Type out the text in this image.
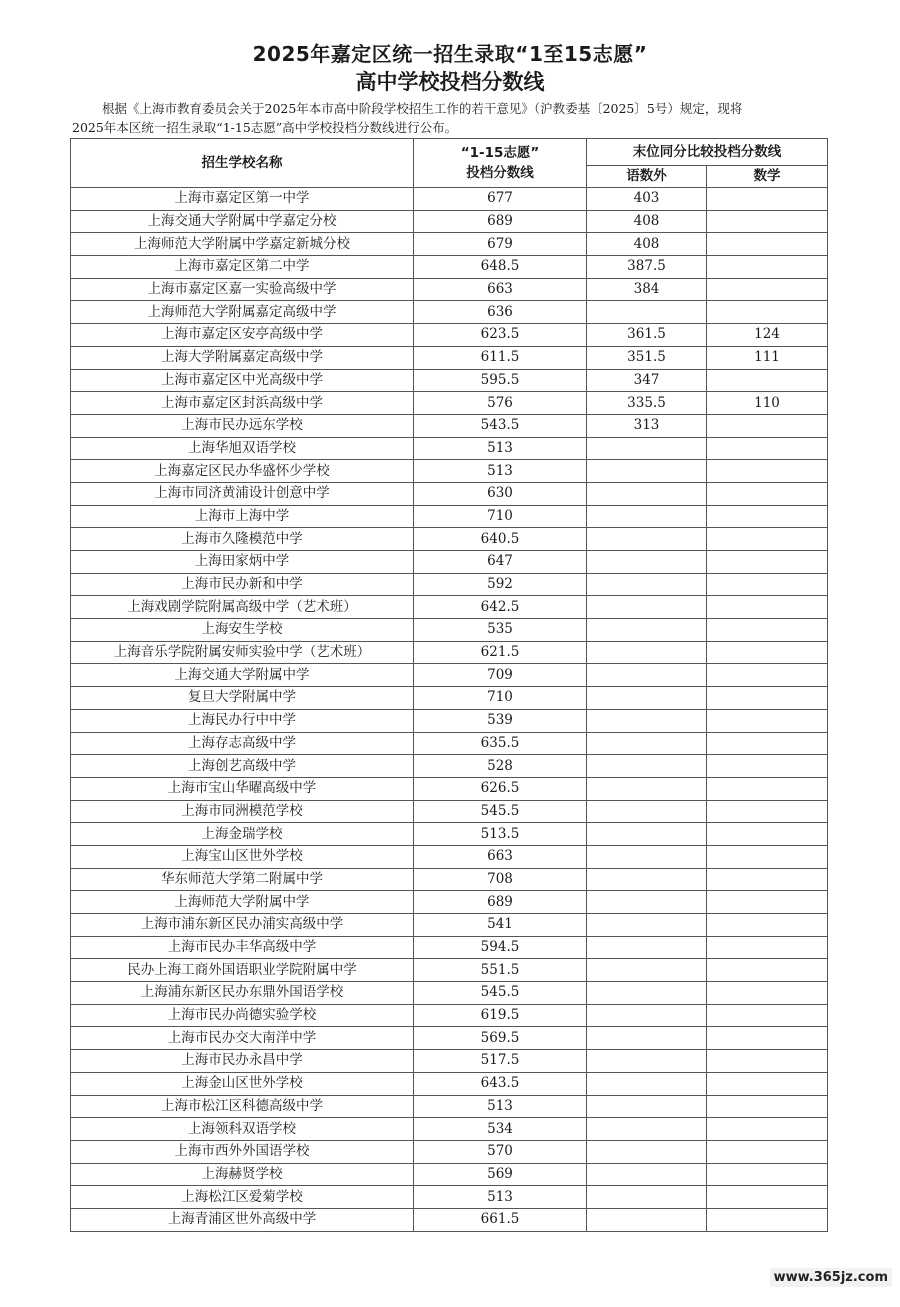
2025年嘉定区统一招生录取“1至15志愿”
高中学校投档分数线
根据《上海市教育委员会关于2025年本市高中阶段学校招生工作的若干意见》（沪教委基〔2025〕5号）规定，现将
2025年本区统一招生录取“1-15志愿”高中学校投档分数线进行公布。
招生学校名称	“1-15志愿”
投档分数线	末位同分比较投档分数线	
		语数外	数学
上海市嘉定区第一中学	677	403	
上海交通大学附属中学嘉定分校	689	408	
上海师范大学附属中学嘉定新城分校	679	408	
上海市嘉定区第二中学	648.5	387.5	
上海市嘉定区嘉一实验高级中学	663	384	
上海师范大学附属嘉定高级中学	636		
上海市嘉定区安亭高级中学	623.5	361.5	124
上海大学附属嘉定高级中学	611.5	351.5	111
上海市嘉定区中光高级中学	595.5	347	
上海市嘉定区封浜高级中学	576	335.5	110
上海市民办远东学校	543.5	313	
上海华旭双语学校	513		
上海嘉定区民办华盛怀少学校	513		
上海市同济黄浦设计创意中学	630		
上海市上海中学	710		
上海市久隆模范中学	640.5		
上海田家炳中学	647		
上海市民办新和中学	592		
上海戏剧学院附属高级中学（艺术班）	642.5		
上海安生学校	535		
上海音乐学院附属安师实验中学（艺术班）	621.5		
上海交通大学附属中学	709		
复旦大学附属中学	710		
上海民办行中中学	539		
上海存志高级中学	635.5		
上海创艺高级中学	528		
上海市宝山华曜高级中学	626.5		
上海市同洲模范学校	545.5		
上海金瑞学校	513.5		
上海宝山区世外学校	663		
华东师范大学第二附属中学	708		
上海师范大学附属中学	689		
上海市浦东新区民办浦实高级中学	541		
上海市民办丰华高级中学	594.5		
民办上海工商外国语职业学院附属中学	551.5		
上海浦东新区民办东鼎外国语学校	545.5		
上海市民办尚德实验学校	619.5		
上海市民办交大南洋中学	569.5		
上海市民办永昌中学	517.5		
上海金山区世外学校	643.5		
上海市松江区科德高级中学	513		
上海领科双语学校	534		
上海市西外外国语学校	570		
上海赫贤学校	569		
上海松江区爱菊学校	513		
上海青浦区世外高级中学	661.5		
www.365jz.com
